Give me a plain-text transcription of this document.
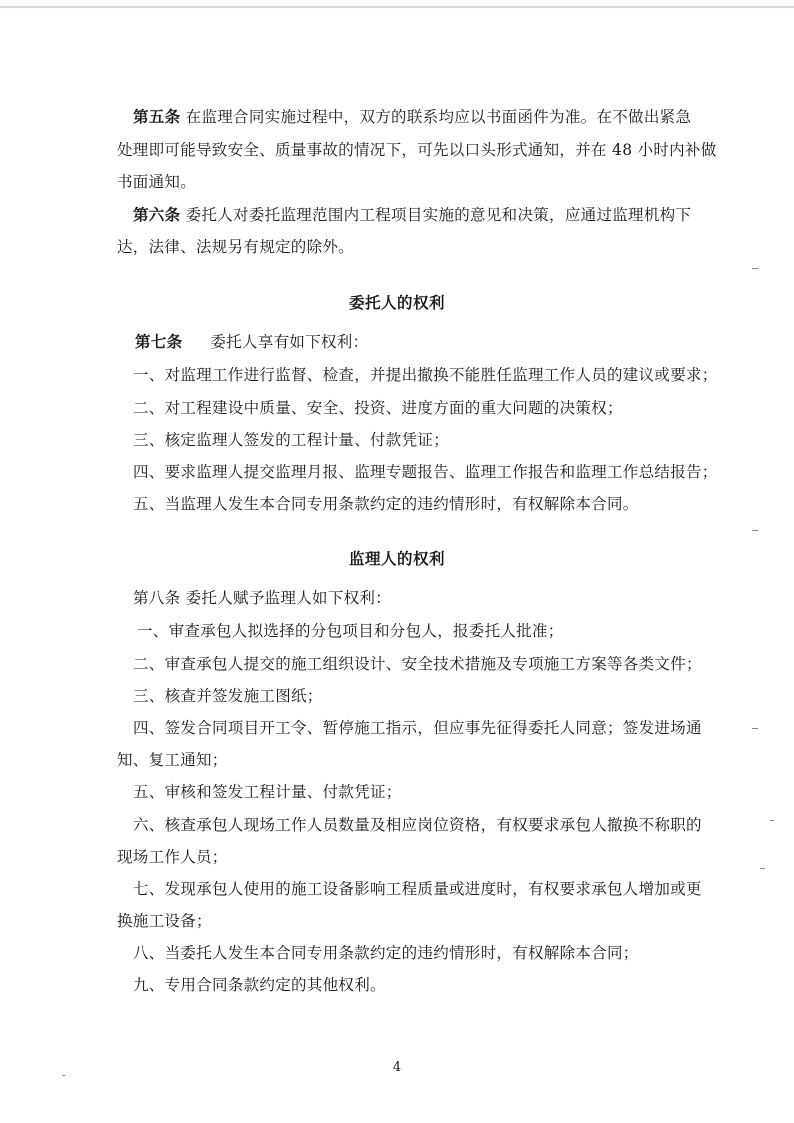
第五条 在监理合同实施过程中，双方的联系均应以书面函件为准。在不做出紧急
处理即可能导致安全、质量事故的情况下，可先以口头形式通知，并在 48 小时内补做
书面通知。
第六条 委托人对委托监理范围内工程项目实施的意见和决策，应通过监理机构下
达，法律、法规另有规定的除外。
委托人的权利
第七条 委托人享有如下权利：
一、对监理工作进行监督、检查，并提出撤换不能胜任监理工作人员的建议或要求；
二、对工程建设中质量、安全、投资、进度方面的重大问题的决策权；
三、核定监理人签发的工程计量、付款凭证；
四、要求监理人提交监理月报、监理专题报告、监理工作报告和监理工作总结报告；
五、当监理人发生本合同专用条款约定的违约情形时，有权解除本合同。
监理人的权利
第八条 委托人赋予监理人如下权利：
一、审查承包人拟选择的分包项目和分包人，报委托人批准；
二、审查承包人提交的施工组织设计、安全技术措施及专项施工方案等各类文件；
三、核查并签发施工图纸；
四、签发合同项目开工令、暂停施工指示，但应事先征得委托人同意；签发进场通
知、复工通知；
五、审核和签发工程计量、付款凭证；
六、核查承包人现场工作人员数量及相应岗位资格，有权要求承包人撤换不称职的
现场工作人员；
七、发现承包人使用的施工设备影响工程质量或进度时，有权要求承包人增加或更
换施工设备；
八、当委托人发生本合同专用条款约定的违约情形时，有权解除本合同；
九、专用合同条款约定的其他权利。
4
